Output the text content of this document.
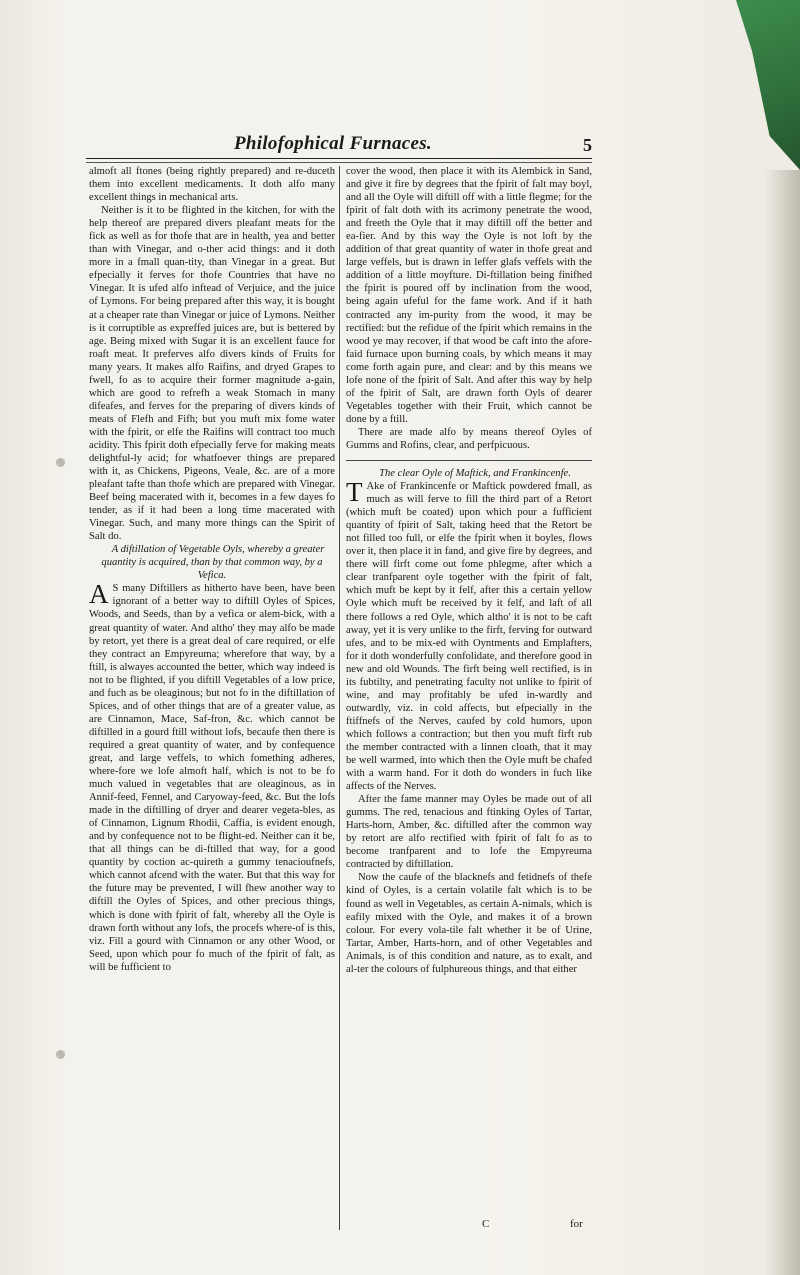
Philofophical Furnaces.	5

almoft all ftones (being rightly prepared) and re-duceth them into excellent medicaments. It doth alfo many excellent things in mechanical arts.

Neither is it to be flighted in the kitchen, for with the help thereof are prepared divers pleafant meats for the fick as well as for thofe that are in health, yea and better than with Vinegar, and o-ther acid things: and it doth more in a fmall quan-tity, than Vinegar in a great. But efpecially it ferves for thofe Countries that have no Vinegar. It is ufed alfo inftead of Verjuice, and the juice of Lymons. For being prepared after this way, it is bought at a cheaper rate than Vinegar or juice of Lymons. Neither is it corruptible as expreffed juices are, but is bettered by age. Being mixed with Sugar it is an excellent fauce for roaft meat. It preferves alfo divers kinds of Fruits for many years. It makes alfo Raifins, and dryed Grapes to fwell, fo as to acquire their former magnitude a-gain, which are good to refrefh a weak Stomach in many difeafes, and ferves for the preparing of divers kinds of meats of Flefh and Fifh; but you muft mix fome water with the fpirit, or elfe the Raifins will contract too much acidity. This fpirit doth efpecially ferve for making meats delightful-ly acid; for whatfoever things are prepared with it, as Chickens, Pigeons, Veale, &c. are of a more pleafant tafte than thofe which are prepared with Vinegar. Beef being macerated with it, becomes in a few dayes fo tender, as if it had been a long time macerated with Vinegar. Such, and many more things can the Spirit of Salt do.

A diftillation of Vegetable Oyls, whereby a greater quantity is acquired, than by that common way, by a Vefica.

A S many Diftillers as hitherto have been, have been ignorant of a better way to diftill Oyles of Spices, Woods, and Seeds, than by a vefica or alem-bick, with a great quantity of water. And altho' they may alfo be made by retort, yet there is a great deal of care required, or elfe they contract an Empyreuma; wherefore that way, by a ftill, is alwayes accounted the better, which way indeed is not to be flighted, if you diftill Vegetables of a low price, and fuch as be oleaginous; but not fo in the diftillation of Spices, and of other things that are of a greater value, as are Cinnamon, Mace, Saf-fron, &c. which cannot be diftilled in a gourd ftill without lofs, becaufe then there is required a great quantity of water, and by confequence great, and large veffels, to which fomething adheres, where-fore we lofe almoft half, which is not to be fo much valued in vegetables that are oleaginous, as in Annif-feed, Fennel, and Caryoway-feed, &c. But the lofs made in the diftilling of dryer and dearer vegeta-bles, as of Cinnamon, Lignum Rhodii, Caffia, is evident enough, and by confequence not to be flight-ed. Neither can it be, that all things can be di-ftilled that way, for a good quantity by coction ac-quireth a gummy tenacioufnefs, which cannot afcend with the water. But that this way for the future may be prevented, I will fhew another way to diftill the Oyles of Spices, and other precious things, which is done with fpirit of falt, whereby all the Oyle is drawn forth without any lofs, the procefs where-of is this, viz. Fill a gourd with Cinnamon or any other Wood, or Seed, upon which pour fo much of the fpirit of falt, as will be fufficient to

cover the wood, then place it with its Alembick in Sand, and give it fire by degrees that the fpirit of falt may boyl, and all the Oyle will diftill off with a little flegme; for the fpirit of falt doth with its acrimony penetrate the wood, and freeth the Oyle that it may diftill off the better and ea-fier. And by this way the Oyle is not loft by the addition of that great quantity of water in thofe great and large veffels, but is drawn in leffer glafs veffels with the addition of a little moyfture. Di-ftillation being finifhed the fpirit is poured off by inclination from the wood, being again ufeful for the fame work. And if it hath contracted any im-purity from the wood, it may be rectified: but the refidue of the fpirit which remains in the wood ye may recover, if that wood be caft into the afore-faid furnace upon burning coals, by which means it may come forth again pure, and clear: and by this means we lofe none of the fpirit of Salt. And after this way by help of the fpirit of Salt, are drawn forth Oyls of dearer Vegetables together with their Fruit, which cannot be done by a ftill.

There are made alfo by means thereof Oyles of Gumms and Rofins, clear, and perfpicuous.

The clear Oyle of Maftick, and Frankincenfe.

T Ake of Frankincenfe or Maftick powdered fmall, as much as will ferve to fill the third part of a Retort (which muft be coated) upon which pour a fufficient quantity of fpirit of Salt, taking heed that the Retort be not filled too full, or elfe the fpirit when it boyles, flows over it, then place it in fand, and give fire by degrees, and there will firft come out fome phlegme, after which a clear tranfparent oyle together with the fpirit of falt, which muft be kept by it felf, after this a certain yellow Oyle which muft be received by it felf, and laft of all there follows a red Oyle, which altho' it is not to be caft away, yet it is very unlike to the firft, ferving for outward ufes, and to be mix-ed with Oyntments and Emplafters, for it doth wonderfully confolidate, and therefore good in new and old Wounds. The firft being well rectified, is in its fubtilty, and penetrating faculty not unlike to fpirit of wine, and may profitably be ufed in-wardly and outwardly, viz. in cold affects, but efpecially in the ftiffnefs of the Nerves, caufed by cold humors, upon which follows a contraction; but then you muft firft rub the member contracted with a linnen cloath, that it may be well warmed, into which then the Oyle muft be chafed with a warm hand. For it doth do wonders in fuch like affects of the Nerves.

After the fame manner may Oyles be made out of all gumms. The red, tenacious and ftinking Oyles of Tartar, Harts-horn, Amber, &c. diftilled after the common way by retort are alfo rectified with fpirit of falt fo as to become tranfparent and to lofe the Empyreuma contracted by diftillation.

Now the caufe of the blacknefs and fetidnefs of thefe kind of Oyles, is a certain volatile falt which is to be found as well in Vegetables, as certain A-nimals, which is eafily mixed with the Oyle, and makes it of a brown colour. For every vola-tile falt whether it be of Urine, Tartar, Amber, Harts-horn, and of other Vegetables and Animals, is of this condition and nature, as to exalt, and al-ter the colours of fulphureous things, and that either

C	for
